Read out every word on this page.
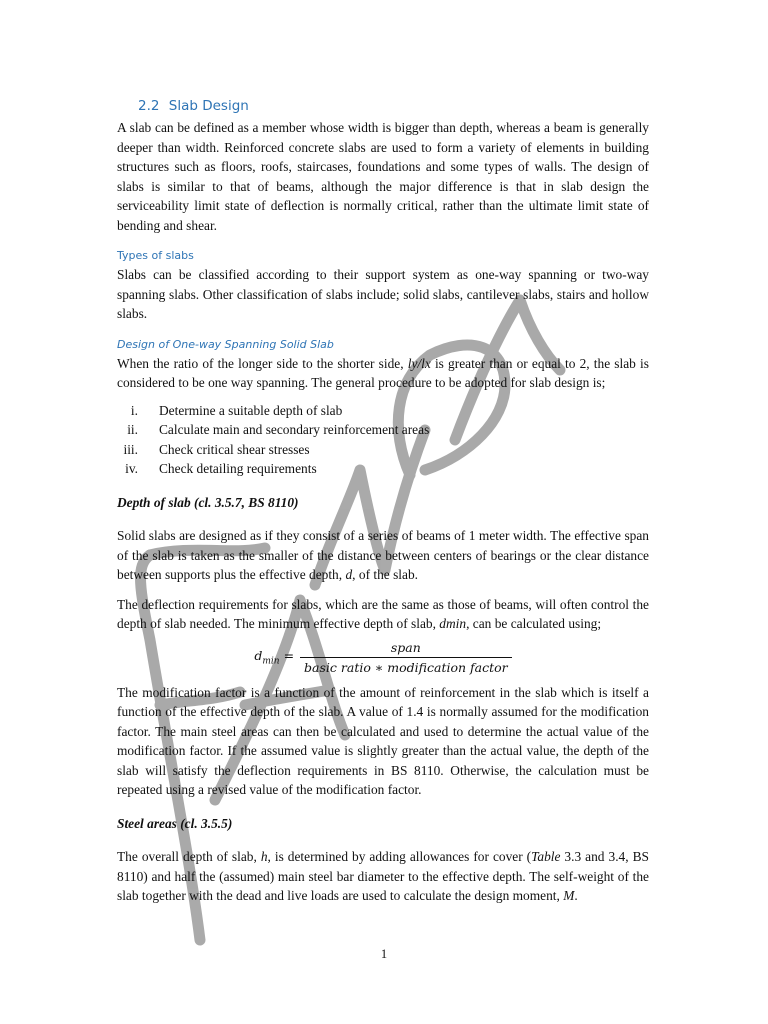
2.2 Slab Design

A slab can be defined as a member whose width is bigger than depth, whereas a beam is generally deeper than width. Reinforced concrete slabs are used to form a variety of elements in building structures such as floors, roofs, staircases, foundations and some types of walls. The design of slabs is similar to that of beams, although the major difference is that in slab design the serviceability limit state of deflection is normally critical, rather than the ultimate limit state of bending and shear.

Types of slabs

Slabs can be classified according to their support system as one-way spanning or two-way spanning slabs. Other classification of slabs include; solid slabs, cantilever slabs, stairs and hollow slabs.

Design of One-way Spanning Solid Slab

When the ratio of the longer side to the shorter side, ly/lx is greater than or equal to 2, the slab is considered to be one way spanning. The general procedure to be adopted for slab design is;

i. Determine a suitable depth of slab
ii. Calculate main and secondary reinforcement areas
iii. Check critical shear stresses
iv. Check detailing requirements
Depth of slab (cl. 3.5.7, BS 8110)

Solid slabs are designed as if they consist of a series of beams of 1 meter width. The effective span of the slab is taken as the smaller of the distance between centers of bearings or the clear distance between supports plus the effective depth, d, of the slab.

The deflection requirements for slabs, which are the same as those of beams, will often control the depth of slab needed. The minimum effective depth of slab, dmin, can be calculated using;

$d_{min} = \frac{\text{span}}{\text{basic ratio ∗ modification factor}}$

The modification factor is a function of the amount of reinforcement in the slab which is itself a function of the effective depth of the slab. A value of 1.4 is normally assumed for the modification factor. The main steel areas can then be calculated and used to determine the actual value of the modification factor. If the assumed value is slightly greater than the actual value, the depth of the slab will satisfy the deflection requirements in BS 8110. Otherwise, the calculation must be repeated using a revised value of the modification factor.

Steel areas (cl. 3.5.5)

The overall depth of slab, h, is determined by adding allowances for cover (Table 3.3 and 3.4, BS 8110) and half the (assumed) main steel bar diameter to the effective depth. The self-weight of the slab together with the dead and live loads are used to calculate the design moment, M.

1
